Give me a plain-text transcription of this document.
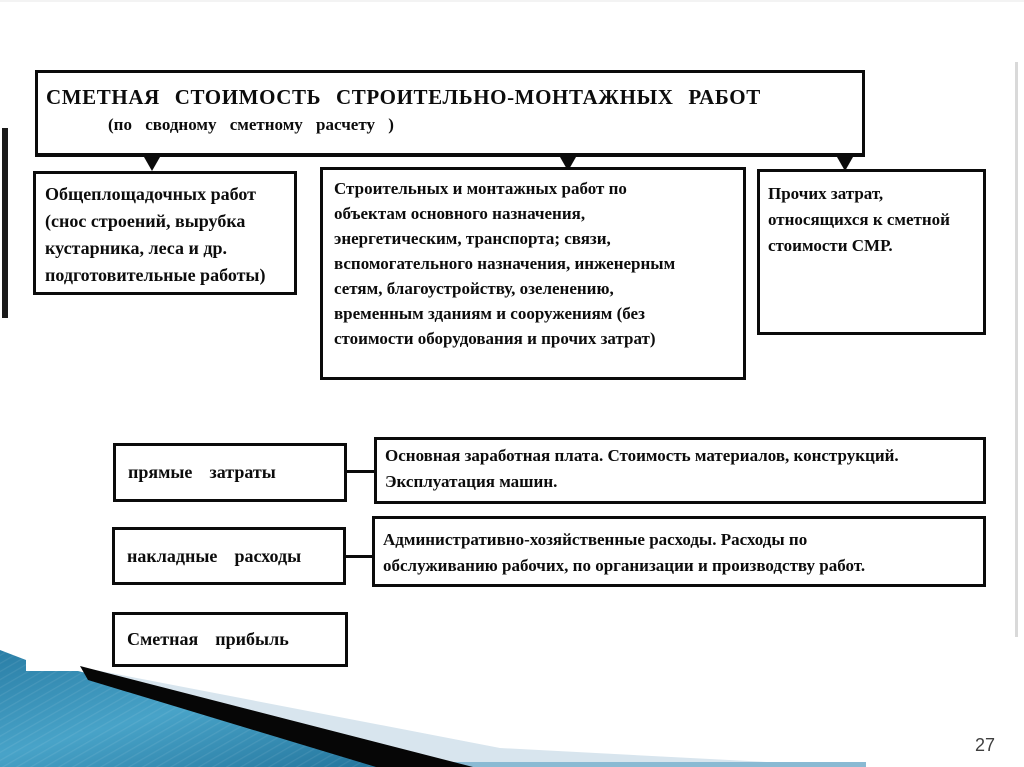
СМЕТНАЯ СТОИМОСТЬ СТРОИТЕЛЬНО-МОНТАЖНЫХ РАБОТ
(по сводному сметному расчету )
Общеплощадочных работ
(снос строений, вырубка
кустарника, леса и др.
подготовительные работы)
Строительных и монтажных работ по
объектам основного назначения,
энергетическим, транспорта; связи,
вспомогательного назначения, инженерным
сетям, благоустройству, озеленению,
временным зданиям и сооружениям (без
стоимости оборудования и прочих затрат)
Прочих затрат,
относящихся к сметной
стоимости СМР.
прямые затраты
Основная заработная плата. Стоимость материалов, конструкций.
Эксплуатация машин.
накладные расходы
Административно-хозяйственные расходы. Расходы по
обслуживанию рабочих, по организации и производству работ.
Сметная прибыль
27
